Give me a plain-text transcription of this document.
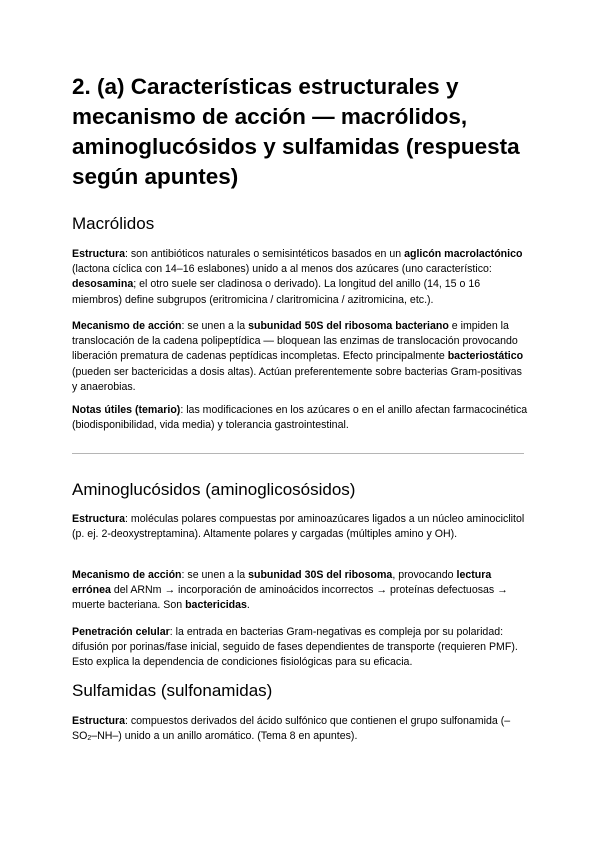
2. (a) Características estructurales y mecanismo de acción — macrólidos, aminoglucósidos y sulfamidas (respuesta según apuntes)
Macrólidos

Estructura: son antibióticos naturales o semisintéticos basados en un aglicón macrolactónico (lactona cíclica con 14–16 eslabones) unido a al menos dos azúcares (uno característico: desosamina; el otro suele ser cladinosa o derivado). La longitud del anillo (14, 15 o 16 miembros) define subgrupos (eritromicina / claritromicina / azitromicina, etc.).

Mecanismo de acción: se unen a la subunidad 50S del ribosoma bacteriano e impiden la translocación de la cadena polipeptídica — bloquean las enzimas de translocación provocando liberación prematura de cadenas peptídicas incompletas. Efecto principalmente bacteriostático (pueden ser bactericidas a dosis altas). Actúan preferentemente sobre bacterias Gram-positivas y anaerobias.

Notas útiles (temario): las modificaciones en los azúcares o en el anillo afectan farmacocinética (biodisponibilidad, vida media) y tolerancia gastrointestinal.

Aminoglucósidos (aminoglicosósidos)

Estructura: moléculas polares compuestas por aminoazúcares ligados a un núcleo aminociclitol (p. ej. 2-deoxystreptamina). Altamente polares y cargadas (múltiples amino y OH).

Mecanismo de acción: se unen a la subunidad 30S del ribosoma, provocando lectura errónea del ARNm → incorporación de aminoácidos incorrectos → proteínas defectuosas → muerte bacteriana. Son bactericidas.

Penetración celular: la entrada en bacterias Gram-negativas es compleja por su polaridad: difusión por porinas/fase inicial, seguido de fases dependientes de transporte (requieren PMF). Esto explica la dependencia de condiciones fisiológicas para su eficacia.

Sulfamidas (sulfonamidas)

Estructura: compuestos derivados del ácido sulfónico que contienen el grupo sulfonamida $(-SO_2-NH-)$ unido a un anillo aromático. (Tema 8 en apuntes).
